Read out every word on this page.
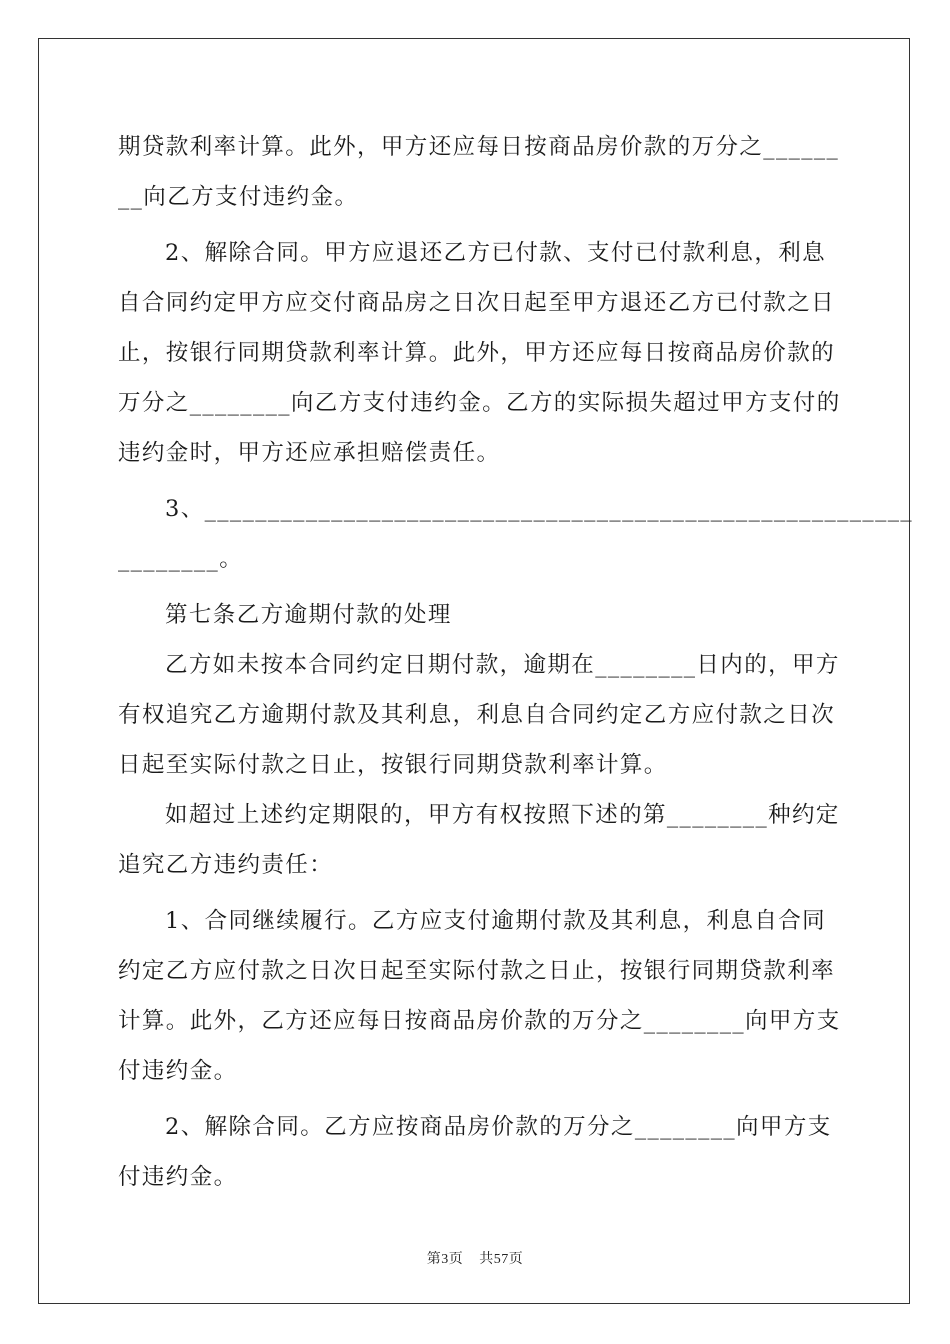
期贷款利率计算。此外，甲方还应每日按商品房价款的万分之______
__向乙方支付违约金。

2、解除合同。甲方应退还乙方已付款、支付已付款利息，利息
自合同约定甲方应交付商品房之日次日起至甲方退还乙方已付款之日
止，按银行同期贷款利率计算。此外，甲方还应每日按商品房价款的
万分之________向乙方支付违约金。乙方的实际损失超过甲方支付的
违约金时，甲方还应承担赔偿责任。

3、________________________________________________________
________。

第七条乙方逾期付款的处理

乙方如未按本合同约定日期付款，逾期在________日内的，甲方
有权追究乙方逾期付款及其利息，利息自合同约定乙方应付款之日次
日起至实际付款之日止，按银行同期贷款利率计算。

如超过上述约定期限的，甲方有权按照下述的第________种约定
追究乙方违约责任：

1、合同继续履行。乙方应支付逾期付款及其利息，利息自合同
约定乙方应付款之日次日起至实际付款之日止，按银行同期贷款利率
计算。此外，乙方还应每日按商品房价款的万分之________向甲方支
付违约金。

2、解除合同。乙方应按商品房价款的万分之________向甲方支
付违约金。

第3页 共57页
